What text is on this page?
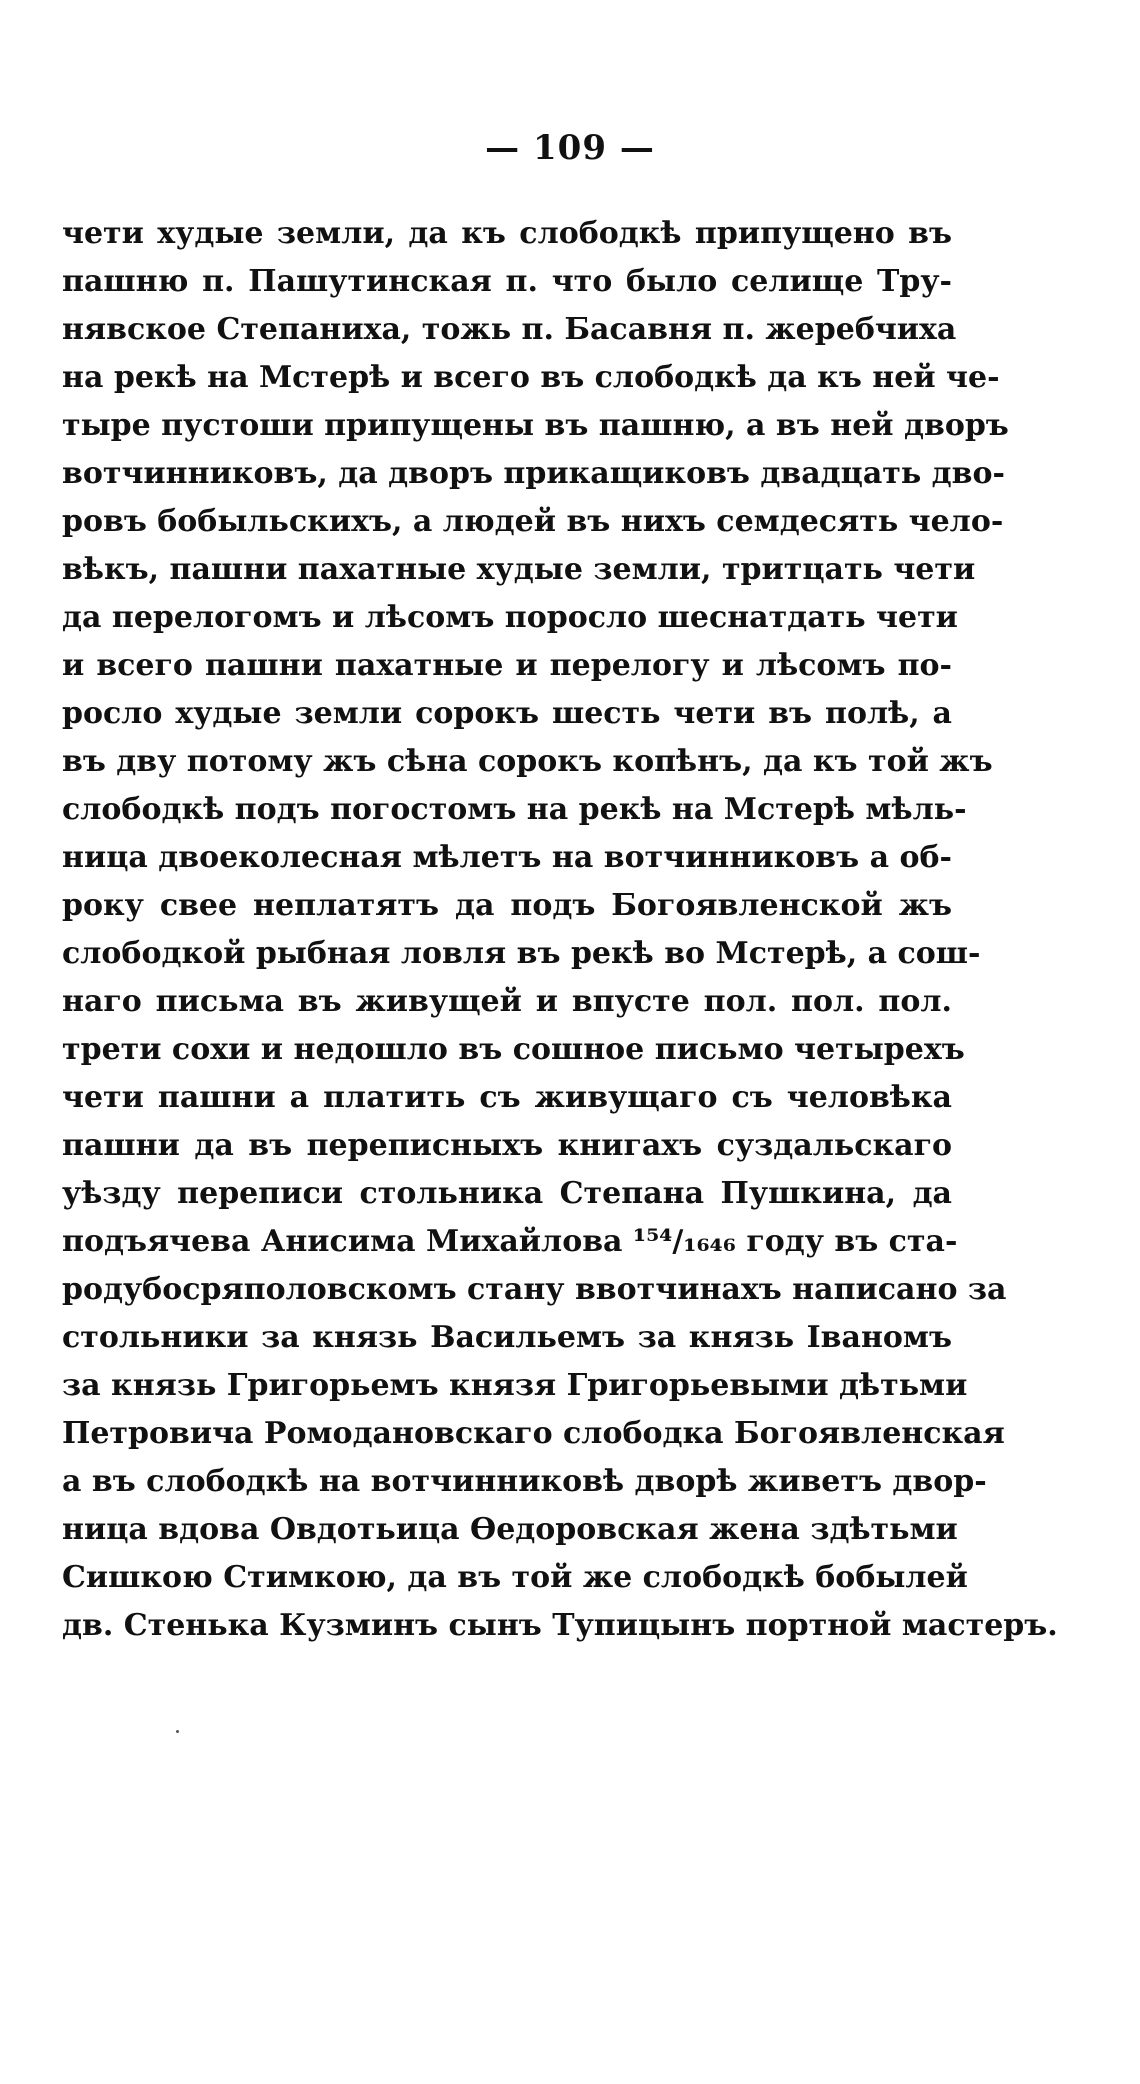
— 109 —
чети худые земли, да къ слободкѣ припущено въ
пашню п. Пашутинская п. что было селище Тру-
нявское Степаниха, тожь п. Басавня п. жеребчиха
на рекѣ на Мстерѣ и всего въ слободкѣ да къ ней че-
тыре пустоши припущены въ пашню, а въ ней дворъ
вотчинниковъ, да дворъ прикащиковъ двадцать дво-
ровъ бобыльскихъ, а людей въ нихъ семдесять чело-
вѣкъ, пашни пахатные худые земли, тритцать чети
да перелогомъ и лѣсомъ поросло шеснатдать чети
и всего пашни пахатные и перелогу и лѣсомъ по-
росло худые земли сорокъ шесть чети въ полѣ, а
въ дву потому жъ сѣна сорокъ копѣнъ, да къ той жъ
слободкѣ подъ погостомъ на рекѣ на Мстерѣ мѣль-
ница двоеколесная мѣлетъ на вотчинниковъ а об-
року свее неплатятъ да подъ Богоявленской жъ
слободкой рыбная ловля въ рекѣ во Мстерѣ, а сош-
наго письма въ живущей и впусте пол. пол. пол.
трети сохи и недошло въ сошное письмо четырехъ
чети пашни а платить съ живущаго съ человѣка
пашни да въ переписныхъ книгахъ суздальскаго
уѣзду переписи стольника Степана Пушкина, да
подъячева Анисима Михайлова ¹⁵⁴/₁₆₄₆ году въ ста-
родубоcряполовскомъ стану ввотчинахъ написано за
стольники за князь Васильемъ за князь Іваномъ
за князь Григорьемъ князя Григорьевыми дѣтьми
Петровича Ромодановскаго слободка Богоявленская
а въ слободкѣ на вотчинниковѣ дворѣ живетъ двор-
ница вдова Овдотьица Ѳедоровская жена здѣтьми
Сишкою Стимкою, да въ той же слободкѣ бобылей
дв. Стенька Кузминъ сынъ Тупицынъ портной мастеръ.
